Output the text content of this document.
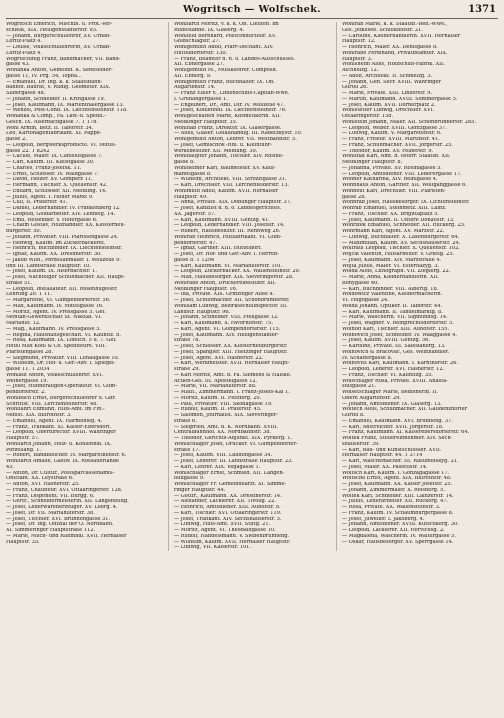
Wogritsch — Wolfschek.	1371
Wogritsch Emerich, Mischbl. u. Prot.-Ver-
schleiß, XIX. Heiligenstädterstr. 93.
— Johann, Bürgerschullehrer, XV. Urban-
Loritz-Platz 4.
— Louise, Volksschullehrerin, XV. Urban-
Loritz-Platz 4.
Wogrtschinig Franz, Bandmacher, VII. Band-
gasse 43.
Wohanka Anton, Gemeind. K. Seneselder-
gasse 11, IV. Prg. 54, Topba...
— Emanuel, Dr. Ing. k. k. Staatsbahn-
bahnof. Baurat, V. Rüdig. Geometer. XIX.
Silbergasse 48.
— Johann, Schneider. II. Kriftgasse 19.
— Josef, Kaufmann, IX. Marienthalergasse 13.
— Wenzel, Post-Cond. IX. Liechtensteinstr. 118.
Wohanka & Comp., Fa. Lkw.-u. Spedit.-
Gesch. IX. Alserbachgasse 7. T 178.
Wohl Armin, Betz. II. Taborstr. 34.
Leo, Kartonagenfabrikant. XI. Pappe-
gasse 2.
— Leopold, Bergwerksproducte. VI. Mittel-
gasse 22. T 8242
— Cäcilie, Maler. IX. Canisiusgasse 7.
— Carl, Kaufm. III. Kleistgasse 30.
— Charles, Franz-Josefsk. 11.
— Ernst, Schlosser. IV. Waldgasse 7.
— David, Heizer. XV. Gomperz 11.
— Hermann, Tischler. X. Quellenstr. 42.
— Eduard, Schlosser. XII. Meidling. 14.
— Julius, Agent. I. Hoher Markt 9.
— Cilli, II. Praterstr. 41.
— Daniel, Lederhändler. IV. Frankenberg 12.
— Leopold, Goldarbeiter. XIV. Lehneig. 14.
— Emil, Reisender. V. Hofergasse 6.
— Chaim Gustav, Holzhändler. XX. Klosterneu-
burgerstr. 50.
— Johann, Privatier. VIII. Piaristengasse 24.
— Hedwig, Kaufm. im Zuckerbäckerei.
— Heinrich, Buchbinder. IX. Liechtensteinstr.
— Ignaz, Kaufm. XX. Dresdnerstr. 30.
— Jakob Wilh., Porzellanmaler. I. Wollzeile 9.
und III. Landstraße Hauptstr. 10.
— Josef, Kaufm. IX. Alserbachstr. 1.
— Josef, Nachfolger Schuhmacher. XII. Haupt-
straße 51.
— Leopold, Installateur. XII. Rosenhügelstr.
Lehrling 20. T 11.
— Margarethe, VI. Gumpendorferstr. 56.
— Max, Kaufmann. IV. Mittelgasse 16.
— Moritz, Agent. IV. Pressgasse 5. Gef.
Montan-Gewerkschaft St. Nikolai. VI.
Mariahilf. 12.
— Mag., Kaufmann. IV. Pressgasse 5.
— Regina, Haushaltsgeschäft. VI. Kaunitz. 8.
— Rosa, Kaufmann. IX. Löblich. 5 u. 7. Gef.
Hotel Max Kohl & Co. Spediteure. VIII.
Piaristengasse 28.
— Siegmund, Privatier. VIII. Lenaugasse 10.
— Wilhelm, Dr. Hof- u. Ger.-Adv. I. Spiegel-
gasse 11. T 2034
Wohlauf Anton, Volksschullehrer. XVI.
Weinergasse 19.
— Josef, Hühneraugen-Operateur. VI. Gum-
pendorferstr. 2.
Wohlbach Ernst, Bürgerschullehrer u. Gbr.
Schriftst. VIII. Lerchenfelderstr. 48.
Wohlfahrt Edmund, Hilfs-Amt. im Fin.-
Minist. XIX. Billrothstr. 3.
— Emanuel, Agent. IX. Harmonieg. 4.
— Franz, Trafikant. XI. Kaiser-Ebersdorf.
— Leopold, Oberdirector. XVIII. Währinger
Hauptstr. 57.
Wohlfarth Johann, Holz- u. Kohlenhdl. IX.
Porzellang. 1.
— Robert, Bandbleicher. IV. Margarethenstr. 6.
Wohlfarth Amalie, Gastw. IX. Rossauerlände
45.
— Anton, Dr. Cultur., Postsparcassenamts-
Officiant. XX. Leystraße 6.
— Anton, XVI. Hasnerstr. 25.
— Franz, Chauffeur. XVI. Ottakringerstr. 128.
— Franz, Disponent. VII. Burgg. 6.
— Gertr., Schneidermeisterin. XII. Längenfeldg.
— Josef, Lederwarenerzeuger. XV. Löhrg. 4.
— Josef, Dr. VII. Mariahilferstr. 38.
— Josef, Tischler. XVI. Brunnengasse 31.
— Josef, Dr. Ing. Offizial der Ö. Nordbahn.
XI. Simmeringer Hauptstraße 112.
— Marie, Milch- und Rahmhdl. XVII. Hernalser
Hauptstr. 35.
Wohlfarth Moritz, v. k. k. Ob. Lieuten. im
Ruhestande. IX. Glaserg. 4.
Wohlfeld Bernhard, Postconducteur. XV.
Goldschlagstr. 27.
Wohlgemuth Adolf, Pfarr-Dechant. XIV.
Hütteldorferstr. 130.
— Franz, Beamter d. n. ö. Landes-Ausschusses.
XII. Ebnergasse 27.
Wohlgemuth M., Musiklehrer. Composit.
XII. Ebnerg. 9.
Wohlgemuth Franz, Buchhalter. IX. Ob.
Augartenstr. 14.
— Franz Edler v., Linienschiffs-Capitän-Wwe.
I. Grünangergasse 1.
— Engelbert, Dr., Amt. Dir. IV. Wollzeile 47.
— Josef, Kohlenhdl. IX. Liechtensteinstr. 76.
Wohlgeschaffen Marie, Kosmetikerin. XII.
Meidlinger Hauptstr. 35.
Wohlhab Franz, Direktor. IX. Glasergasse.
— Alois, Glaser. Gefäßhandlg. III. Radetzkystr. 10.
Wohlgemuth Anton, Lehrer. VII. Westbahnstr. 5.
— Josef, Gemischtw.-Hdl. u. Kleinfuhr-
werksbesitzer. XII. Meidling. 30.
Wohlhaupter Johann, Tischler. XIV. Rosine-
gasse 8.
Wohlheimer Karl, Baumeister. XV. Kauf-
mannsgasse 8.
— Wilhelm, Architekt. VIII. Strozzigasse 31.
— Karl, Drechsler. VIII. Lerchenfelderstr. 13.
Wohlmuth Adolf, Kaufm. XVII. Hernalser
Hauptstr. 49.
— Anna, Private. XIX. Döblinger Hauptstr. 37.
— Josef, Kanzlist d. n. ö. Landesgerichtes.
XX. Jägerstr. 57.
— Karl, Kaufmann. XVIII. Gentzg. 41.
— Leopold, Lederhändler. VIII. Josefstr. 14.
— Robert, Hausbesitzer. III. Rennweg 26.
Wohlrab Heinrich, Hutfabrikant. VI. Gum-
pendorferstr. 47.
— Ignaz, Gärtner. XIII. Hütteldorf.
— Josef, Dr. Hof- und Ger.-Adv. I. Herren-
gasse 8. T 1294
— Karl, Kaufmann. VI. Mariahilferstr. 101.
— Leopold, Zuckerbäcker. XX. Wallensteinstr. 29.
— Max, Hausbesorger. XIX. Sieveringerstr. 28.
Wohlrabe Anton, Druckereibesitzer. XII.
Meidlinger Hauptstr. 16.
— Ida, Private. XIX. Grinzinger Allee 4.
— Josef, Schuhmacher. XII. Schönbrunnerstr.
Wohlsam Ludwig, Bezirksschulinspector. III.
Landstr. Hauptstr. 96.
— Johann, Schneider. VIII. Pfeilgasse 12.
— Karl, Kaufmann. X. Favoritenstr. 75.
— Karl, Agent. VI. Gumpendorferstr. 115.
— Josef, Kaufmann. XIV. Heiligenstädter-
straße 78.
— Josef, Schlosser. XX. Klosterneuburgerstr.
— Josef, Spängler. XIII. Hietzinger Hauptstr.
— Josef, Agent. XVI. Hasnerstr. 22.
— Karl, Werkmeister. XVII. Hernalser Haupt-
straße 29.
— Karl Moritz, Amt. d. Fa. Siemens & Halske.
Actien-Ges. III. Apostelgasse 12.
— Marie, VII. Mariahilferstr. 88.
— Math., Zimmermann. I. Franz-Josefs-Kai 1.
— Moritz, Kaufm. II. Pfeifferg. 20.
— Paul, Privatier. VIII. Skodagasse 19.
— Rudolf, Kaufm. II. Praterstr. 45.
— Salomon, Journalist. XIX. Sieveringer-
straße 6.
— Siegfried, Amt. d. K. Nordbahn. XVIII.
Centralbahnhof. XX. Nordbahnstr. 38.
— Theodor, Gerichts-Adjunkt. XIX. Pyrkerg. 1.
Wohlschläger Josef, Drucker. VI. Gumpendorfer-
straße 17.
— Josef, Kaufm. VIII. Laudongasse 34.
— Josef, Lederer. III. Landstraße Hauptstr. 23.
— Karl, Lehrer. XIX. Vegagasse 1.
Wohlschlager Ernst, Schmied. XII. Längen-
feldgasse 9.
Wohlschläger Fr. Gemeindearzt. XI. Simme-
ringer Hauptstr. 44.
— Gottfr., Kaufmann. XX. Dresdnerstr. 14.
— Alexander, Lackierer. XII. Tivolig. 22.
— Heinrich, Amtsdiener. XIII. Auhofstr. 8.
— Karl, Tischler. XVI. Ottakringerstr. 119.
— Josef, Trafikant. XIV. Sechshauserstr. 5.
— Ludwig, Hilfs-Amt. XVII. Stiftg. 21.
— Moritz, Agent. VI. Theobaldgasse 10.
— Rudolf, Handelsmann. V. Siebenbrunneng.
— Wilhelm, Kaufm. XVII. Hernalser Hauptstr.
— Ludwig, VII. Kaiserstr. 101.
Wohlrab Marie, k. k. Staatsb.-Bed.-Wwe.,
Ges. Jedlesee. Schloßhofstr. 21.
— Caroline, Kleiderhändlerin. XVII. Hernalser
Hauptstr. 12.
— Heinrich, Maler. XX. Denisgasse 8.
Wohlrabe Ferdinand, Privatbeamter. XIX.
Hauptstr. 3.
Wohlsheim Alois, Holzschuh-Fabrik. XII.
Aichholzg. 12.
— Adolf, Architekt. II. Schmelzg. 3.
— Johann, Gen. Secr. XVIII. Währinger
Gürtel 26.
— Marie, Private. XIII. Linzerstr. 9.
— Martin, Kaufmann. XVIII. Sommergasse 5.
— Josef, Kaufm. XVII. Dornerplatz 2.
Wohlstetter Ludwig, Drechsler. XVI.
Ottakringerstr. 158.
Wohlstein Johann, Maler. XII. Schönbrunnerstr. 285.
— Leopold, Weber. XVIII. Gentzgasse 37.
— Ludwig, Kaufm. V. Margaretenstr. 6.
— Franz, Friseur. XVIII. Martinstr. 41.
— Franz, Schuhmacher. XVII. Jörgerstr. 25.
— Theodor, Kaufm. XV. Felberstr. 9.
Wohlthat Karl, Amt. d. österr. Staatsb. XII.
Meidlinger Hauptstr. 8.
— Johanna, Private. XV. Rosinagasse 5.
— Leopold, Amtsdiener. VIII. Lederergasse 17.
Wohner Katharina, XIV. Reinlgasse 4.
Wohnhaus Anton, Gärtner. XII. Wolfganggasse 6.
Wohnout Karl, Drechsler. VIII. Piaristen-
gasse 28.
Wohnrab Josef, Hausbesorger. IX. Lichtensteinstr.
Wohrab Emanuel, Steinmetz. XIII. Lainz.
— Franz, Tischler. XX. Brigittaplatz 5.
— Josef, Kaufmann. II. Untere Donaustr. 13.
Wohrizek Emanuel, Schneider. XII. Ruckerg. 25.
Wohrmann Karl, Agent. XV. Märzstr. 22.
— Ludwig, Buchhalter. X. Laxenburgerstr. 64.
— Maximilian, Kaufm. XV. Sechshauserstr. 24.
Wolfraul Leopold, Tischler. X. Quellenstr. 102.
Wojcik Valentin, Hilfsarbeiter. V. Griesg. 25.
— Josef, Kaufmann. XIV. Märzstraße 4.
Wojta Julius, Maler. VI. Esterhazyg. 3.
Woida Alois, Lithograph. VII. Zieglerg. 22.
— Marie, Anna, Kleiderhändlerin. XII.
Bonygasse 40.
— Karl, Buchbinder. VIII. Albertg. 18.
Woidowicz Valentine, Kleidermacherin.
VI. Hugogasse 24.
Woida Johann, Optiker. II. Taborstr. 44.
— Karl, Kaufmann. II. Tandelmarktg. 8.
— Marie, Wäscherin. VII. Sigmundsg. 14.
— Josef, Wagner. V. Reinprechtsdorferstr. 5.
Woinoff Karl, Tischler. XIII. Auhofstr. 155.
Woinovich Josef, Schneider. IV. Waaggasse 4.
— Josef, Kaufm. XVIII. Gentzg. 56.
— Karoline, Private. III. Salesianerg. 13.
Woinovich & Bracovac, Ges. Weinhändler.
IV. Schäffergasse 8.
Woinovits Karl, Kaufmann. I. Kärntnerstr. 26.
— Leopold, Lederer. XVI. Hasnerstr. 12.
— Franz, Tischler. VI. Kaunitzg. 35.
Woischläger Rosa, Private. XVIII. Anasta-
siusgasse 21.
Woisetschläger Marie, Bedienerin. II.
Obere Augartenstr. 29.
— Johann, Amtsdiener. IX. Glaserg. 13.
Woitech Alois, Schuhmacher. XII. Gaudenzdorfer
Gürtel 8.
— Emanuel, Kaufmann. XVI. Brunneng. 37.
— Karl, Anstreicher. XVII. Jörgerstr. 18.
— Franz, Kaufmann. XI. Kaiserebersdorferstr. 64.
Woitek Franz, Steuereinnehmer. XIV. Sech-
shauserstr. 39.
— Karl, Bau- und Kunstschlosser. XVII.
Hernalser Hauptstr. 44. T 3714
— Karl, Wäschemacher. III. Rasumofskyg. 21.
— Josef, Maler. XX. Pasettistr. 14.
Woitsch Karl, Kaufm. I. Gonzagagasse 17.
Woitsche Ernst, Agent. XIX. Billrothstr. 48.
— Josef, Kaufmann. XX. Kaiser Josefstr. 25.
— Johann, Zimmermaler. X. Reisnerg. 5.
Woitek Karl, Schneider. XIII. Lainzerstr. 14.
— Julius, Lederarbeiter. XII. Ruckerg. 47.
— Rosa, Private. XX. Wallensteinstr. 3.
— Franz, Kaufm. IV. Schaumburgergasse 8.
— Josef, Juwelier. I. Jakoberg. 4.
— Johann, Amtsdiener. XVIII. Kutschkerg. 30.
— Leopold, Lackierer. XII. Hervicusg. 2.
— Magdalena, Wäscherin. IV. Waltergasse 5.
— Oskar, Hausbesorger. XV. Sperrgasse 14.
